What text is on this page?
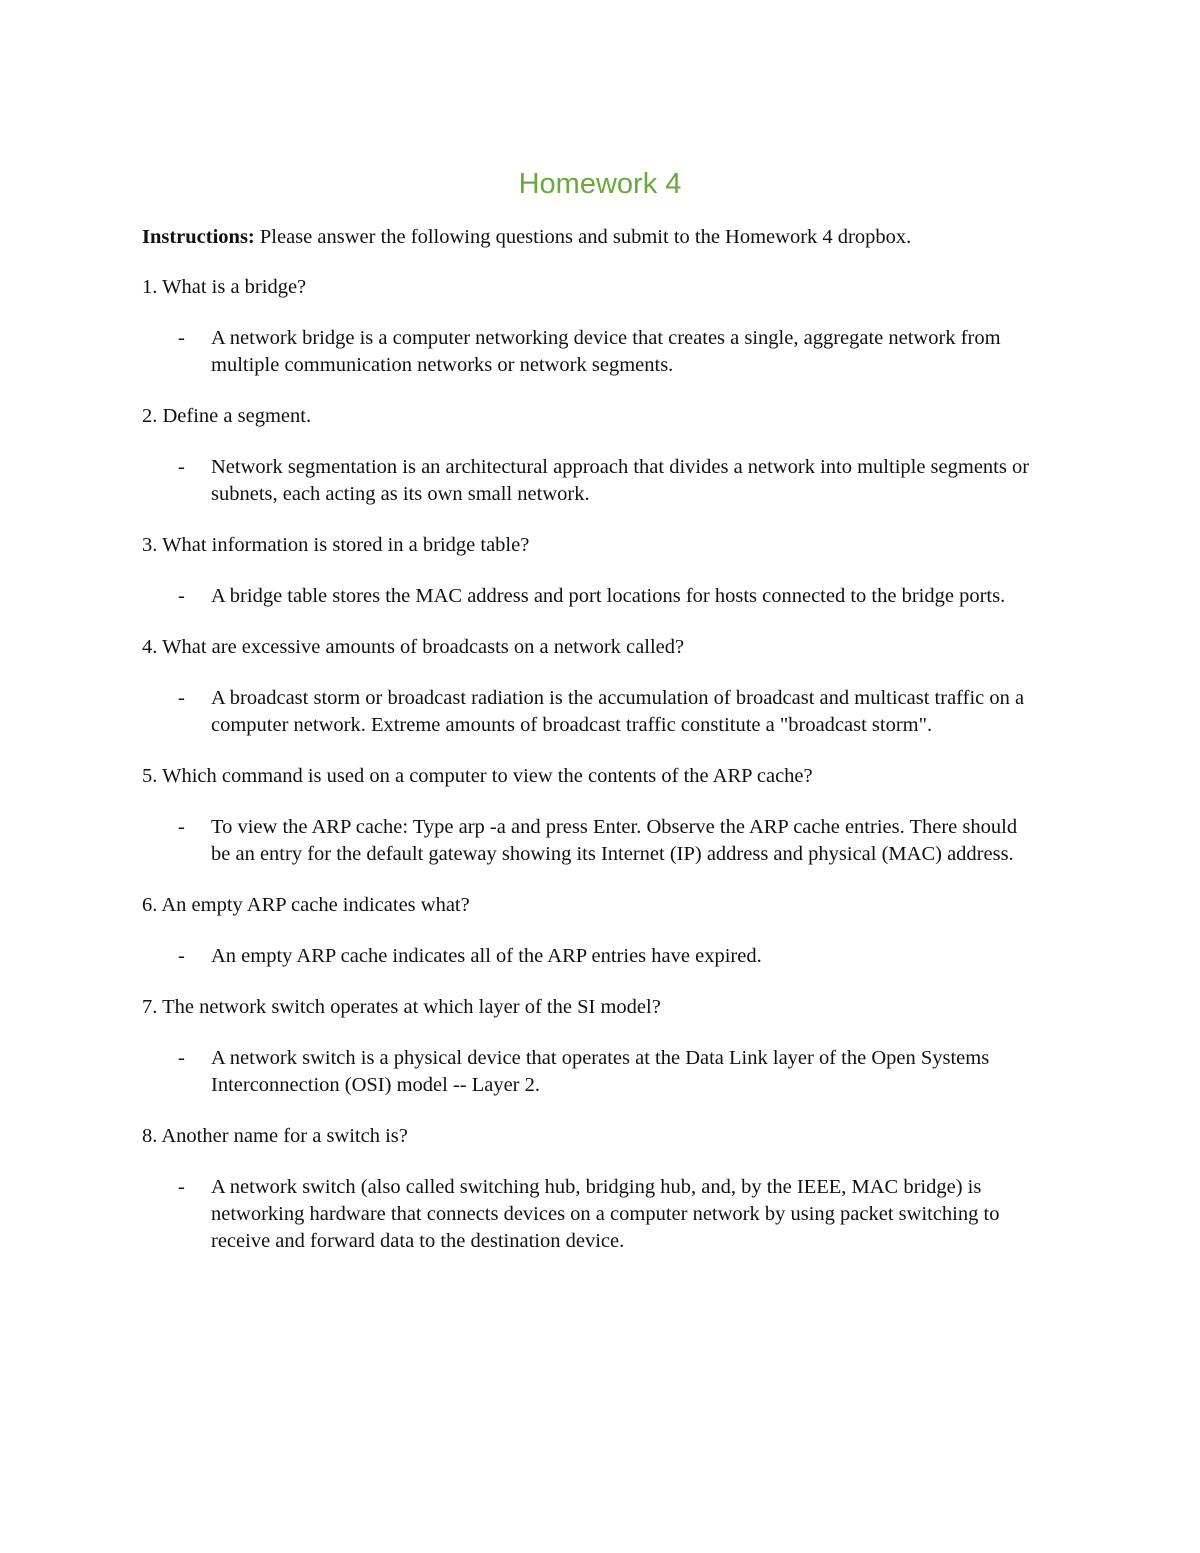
Homework 4

Instructions: Please answer the following questions and submit to the Homework 4 dropbox.

1. What is a bridge?

-	A network bridge is a computer networking device that creates a single, aggregate network from multiple communication networks or network segments.

2. Define a segment.

-	Network segmentation is an architectural approach that divides a network into multiple segments or subnets, each acting as its own small network.

3. What information is stored in a bridge table?

-	A bridge table stores the MAC address and port locations for hosts connected to the bridge ports.

4. What are excessive amounts of broadcasts on a network called?

-	A broadcast storm or broadcast radiation is the accumulation of broadcast and multicast traffic on a computer network. Extreme amounts of broadcast traffic constitute a "broadcast storm".

5. Which command is used on a computer to view the contents of the ARP cache?

-	To view the ARP cache: Type arp -a and press Enter. Observe the ARP cache entries. There should be an entry for the default gateway showing its Internet (IP) address and physical (MAC) address.

6. An empty ARP cache indicates what?

-	An empty ARP cache indicates all of the ARP entries have expired.

7. The network switch operates at which layer of the SI model?

-	A network switch is a physical device that operates at the Data Link layer of the Open Systems Interconnection (OSI) model -- Layer 2.

8. Another name for a switch is?

-	A network switch (also called switching hub, bridging hub, and, by the IEEE, MAC bridge) is networking hardware that connects devices on a computer network by using packet switching to receive and forward data to the destination device.
